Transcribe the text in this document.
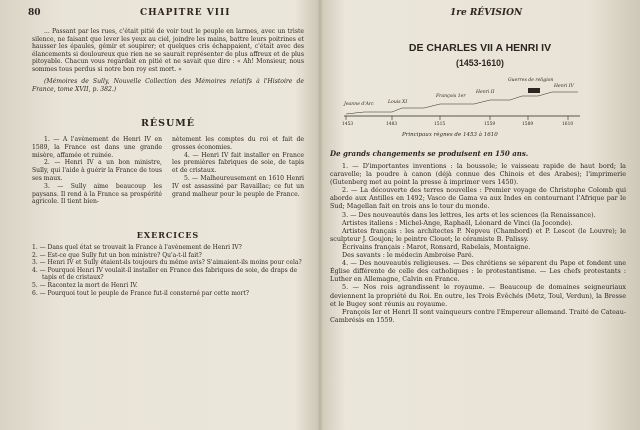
80	CHAPITRE VIII

... Passant par les rues, c'était pitié de voir tout le peuple en larmes, avec un triste silence, ne faisant que lever les yeux au ciel, joindre les mains, battre leurs poitrines et hausser les épaules, gémir et soupirer; et quelques cris échappaient, c'était avec des élancements si douloureux que rien ne se saurait représenter de plus affreux et de plus pitoyable. Chacun vous regardait en pitié et ne savait que dire : « Ah! Monsieur, nous sommes tous perdus si notre bon roy est mort. »

(Mémoires de Sully, Nouvelle Collection des Mémoires relatifs à l'Histoire de France, tome XVII, p. 382.)

RÉSUMÉ
1. — A l'avènement de Henri IV en 1589, la France est dans une grande misère, affamée et ruinée.
2. — Henri IV a un bon ministre, Sully, qui l'aide à guérir la France de tous ses maux.
3. — Sully aime beaucoup les paysans. Il rend à la France sa prospérité agricole. Il tient bien-
nètement les comptes du roi et fait de grosses économies.
4. — Henri IV fait installer en France les premières fabriques de soie, de tapis et de cristaux.
5. — Malheureusement en 1610 Henri IV est assassiné par Ravaillac; ce fut un grand malheur pour le peuple de France.
EXERCICES
1. — Dans quel état se trouvait la France à l'avènement de Henri IV?
2. — Est-ce que Sully fut un bon ministre? Qu'a-t-il fait?
3. — Henri IV et Sully étaient-ils toujours du même avis? S'aimaient-ils moins pour cela?
4. — Pourquoi Henri IV voulait-il installer en France des fabriques de soie, de draps de tapis et de cristaux?
5. — Racontez la mort de Henri IV.
6. — Pourquoi tout le peuple de France fut-il consterné par cette mort?
1re RÉVISION
DE CHARLES VII A HENRI IV
(1453-1610)
Jeanne d'Arc	Louis XI
François 1er
Henri II
Guerres de religion
Henri IV
1453	1483	1515	1559	1589	1610
Principaux règnes de 1453 à 1610
De grands changements se produisent en 150 ans.
1. — D'importantes inventions : la boussole; le vaisseau rapide de haut bord; la caravelle; la poudre à canon (déjà connue des Chinois et des Arabes); l'imprimerie (Gutenberg met au point la presse à imprimer vers 1450).
2. — La découverte des terres nouvelles : Premier voyage de Christophe Colomb qui aborde aux Antilles en 1492; Vasco de Gama va aux Indes en contournant l'Afrique par le Sud; Magellan fait en trois ans le tour du monde.
3. — Des nouveautés dans les lettres, les arts et les sciences (la Renaissance).
Artistes italiens : Michel-Ange, Raphaël, Léonard de Vinci (la Joconde).
Artistes français : les architectes P. Nepveu (Chambord) et P. Lescot (le Louvre); le sculpteur J. Goujon; le peintre Clouet; le céramiste B. Palissy.
Écrivains français : Marot, Ronsard, Rabelais, Montaigne.
Des savants : le médecin Ambroise Paré.
4. — Des nouveautés religieuses. — Des chrétiens se séparent du Pape et fondent une Église différente de celle des catholiques : le protestantisme. — Les chefs protestants : Luther en Allemagne, Calvin en France.
5. — Nos rois agrandissent le royaume. — Beaucoup de domaines seigneuriaux deviennent la propriété du Roi. En outre, les Trois Évêchés (Metz, Toul, Verdun), la Bresse et le Bugey sont réunis au royaume.
François Ier et Henri II sont vainqueurs contre l'Empereur allemand. Traité de Cateau-Cambrésis en 1559.
